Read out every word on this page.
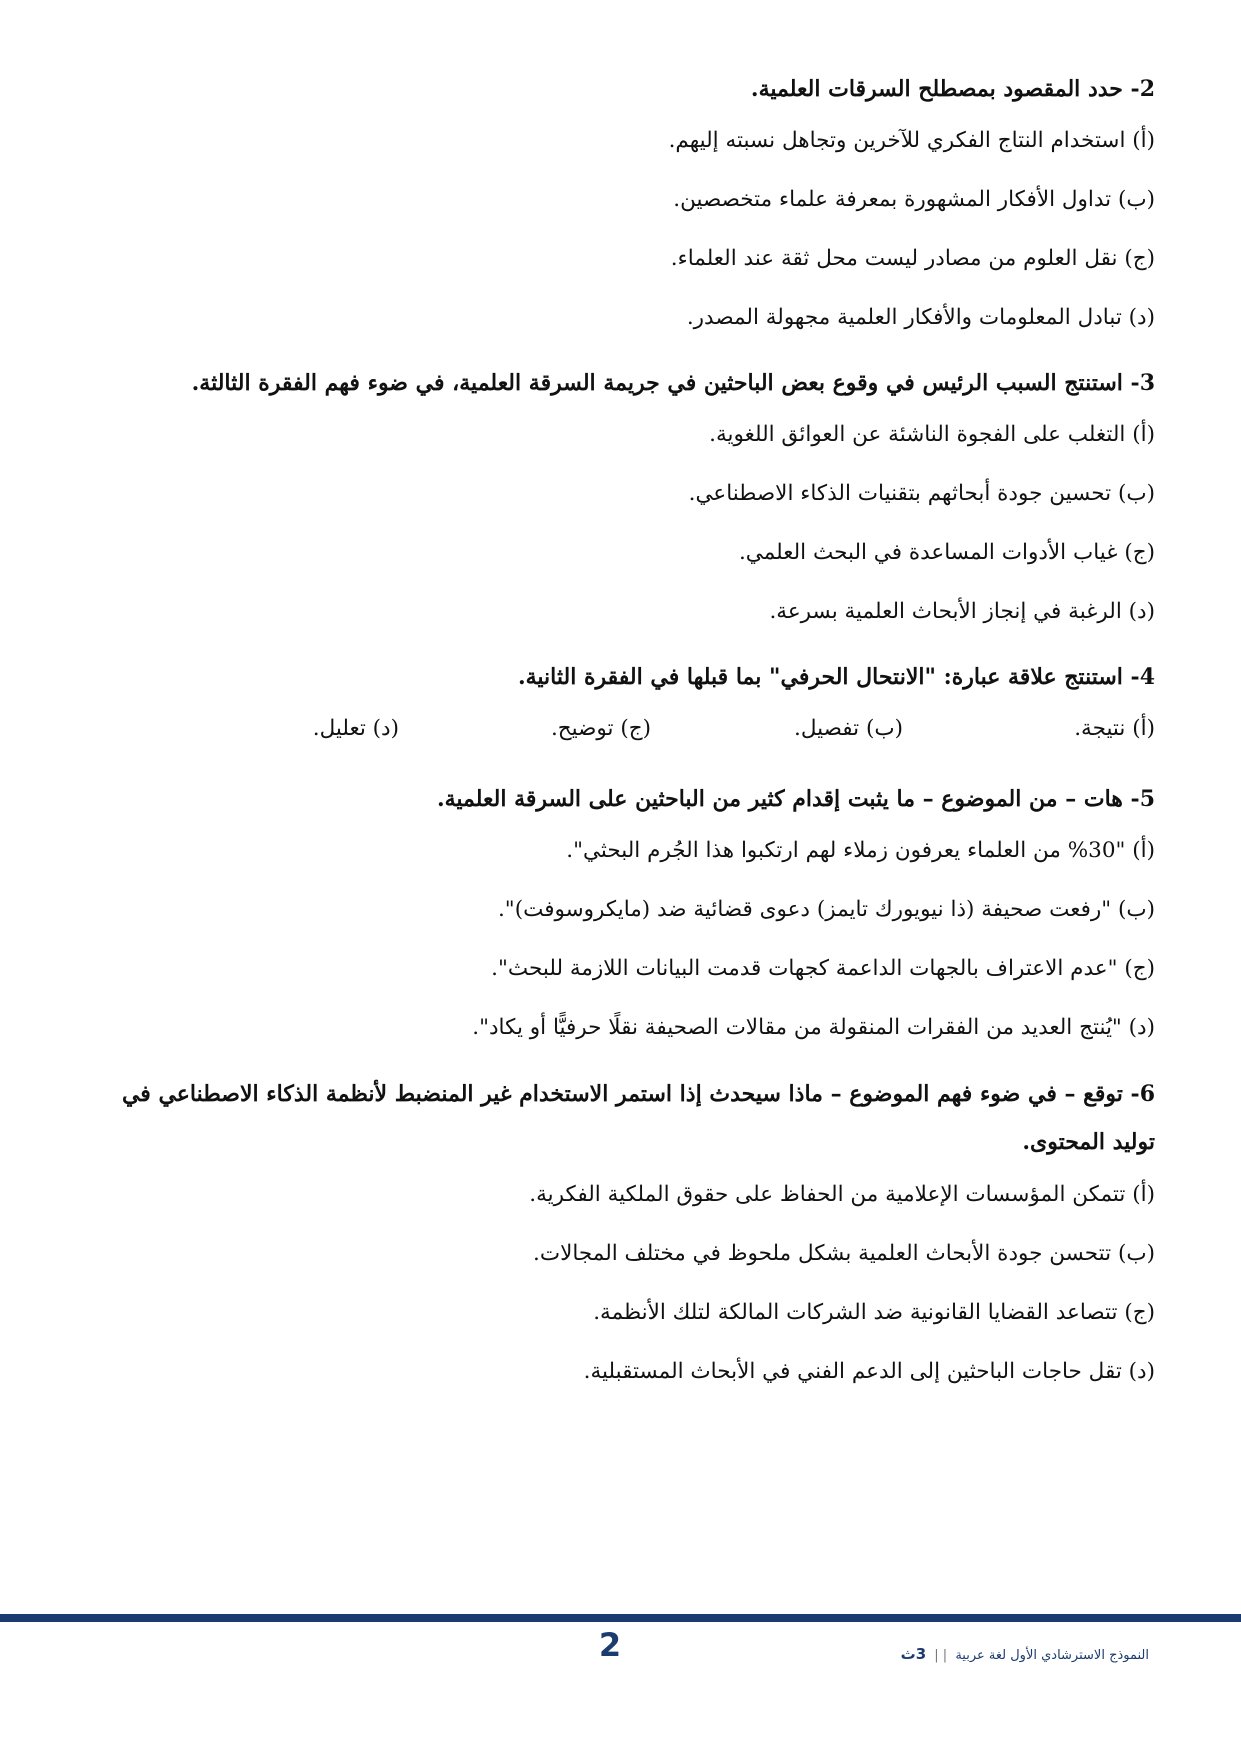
2- حدد المقصود بمصطلح السرقات العلمية.

(أ) استخدام النتاج الفكري للآخرين وتجاهل نسبته إليهم.

(ب) تداول الأفكار المشهورة بمعرفة علماء متخصصين.

(ج) نقل العلوم من مصادر ليست محل ثقة عند العلماء.

(د) تبادل المعلومات والأفكار العلمية مجهولة المصدر.

3- استنتج السبب الرئيس في وقوع بعض الباحثين في جريمة السرقة العلمية، في ضوء فهم الفقرة الثالثة.

(أ) التغلب على الفجوة الناشئة عن العوائق اللغوية.

(ب) تحسين جودة أبحاثهم بتقنيات الذكاء الاصطناعي.

(ج) غياب الأدوات المساعدة في البحث العلمي.

(د) الرغبة في إنجاز الأبحاث العلمية بسرعة.

4- استنتج علاقة عبارة: "الانتحال الحرفي" بما قبلها في الفقرة الثانية.

(أ) نتيجة.
(ب) تفصيل.
(ج) توضيح.
(د) تعليل.

5- هات – من الموضوع – ما يثبت إقدام كثير من الباحثين على السرقة العلمية.

(أ) "30% من العلماء يعرفون زملاء لهم ارتكبوا هذا الجُرم البحثي".

(ب) "رفعت صحيفة (ذا نيويورك تايمز) دعوى قضائية ضد (مايكروسوفت)".

(ج) "عدم الاعتراف بالجهات الداعمة كجهات قدمت البيانات اللازمة للبحث".

(د) "يُنتج العديد من الفقرات المنقولة من مقالات الصحيفة نقلًا حرفيًّا أو يكاد".

6- توقع – في ضوء فهم الموضوع – ماذا سيحدث إذا استمر الاستخدام غير المنضبط لأنظمة الذكاء الاصطناعي في توليد المحتوى.

(أ) تتمكن المؤسسات الإعلامية من الحفاظ على حقوق الملكية الفكرية.

(ب) تتحسن جودة الأبحاث العلمية بشكل ملحوظ في مختلف المجالات.

(ج) تتصاعد القضايا القانونية ضد الشركات المالكة لتلك الأنظمة.

(د) تقل حاجات الباحثين إلى الدعم الفني في الأبحاث المستقبلية.

2	النموذج الاسترشادي الأول لغة عربية | | 3ث
